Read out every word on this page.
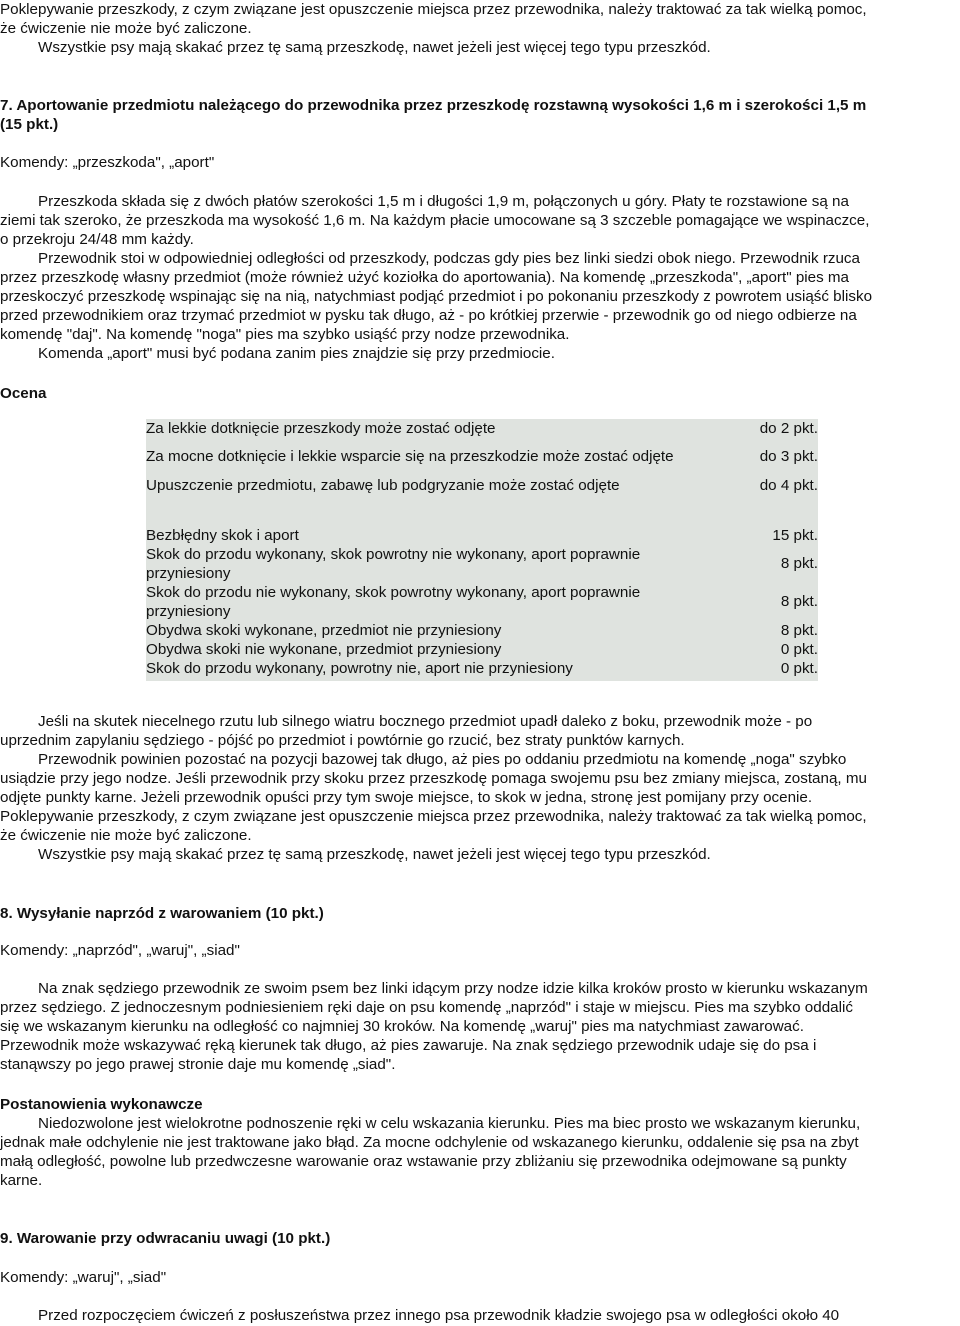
Poklepywanie przeszkody, z czym związane jest opuszczenie miejsca przez przewodnika, należy traktować za tak wielką pomoc,

że ćwiczenie nie może być zaliczone.

Wszystkie psy mają skakać przez tę samą przeszkodę, nawet jeżeli jest więcej tego typu przeszkód.

7. Aportowanie przedmiotu należącego do przewodnika przez przeszkodę rozstawną wysokości 1,6 m i szerokości 1,5 m

(15 pkt.)

Komendy: „przeszkoda", „aport"

Przeszkoda składa się z dwóch płatów szerokości 1,5 m i długości 1,9 m, połączonych u góry. Płaty te rozstawione są na

ziemi tak szeroko, że przeszkoda ma wysokość 1,6 m. Na każdym płacie umocowane są 3 szczeble pomagające we wspinaczce,

o przekroju 24/48 mm każdy.

Przewodnik stoi w odpowiedniej odległości od przeszkody, podczas gdy pies bez linki siedzi obok niego. Przewodnik rzuca

przez przeszkodę własny przedmiot (może również użyć koziołka do aportowania). Na komendę „przeszkoda", „aport" pies ma

przeskoczyć przeszkodę wspinając się na nią, natychmiast podjąć przedmiot i po pokonaniu przeszkody z powrotem usiąść blisko

przed przewodnikiem oraz trzymać przedmiot w pysku tak długo, aż - po krótkiej przerwie - przewodnik go od niego odbierze na

komendę "daj". Na komendę "noga" pies ma szybko usiąść przy nodze przewodnika.

Komenda „aport" musi być podana zanim pies znajdzie się przy przedmiocie.

Ocena

Za lekkie dotknięcie przeszkody może zostać odjęte	do 2 pkt.
Za mocne dotknięcie i lekkie wsparcie się na przeszkodzie może zostać odjęte	do 3 pkt.
Upuszczenie przedmiotu, zabawę lub podgryzanie może zostać odjęte	do 4 pkt.
Bezbłędny skok i aport	15 pkt.
Skok do przodu wykonany, skok powrotny nie wykonany, aport poprawnie przyniesiony
8 pkt.
Skok do przodu nie wykonany, skok powrotny wykonany, aport poprawnie przyniesiony
8 pkt.
Obydwa skoki wykonane, przedmiot nie przyniesiony	8 pkt.
Obydwa skoki nie wykonane, przedmiot przyniesiony	0 pkt.
Skok do przodu wykonany, powrotny nie, aport nie przyniesiony	0 pkt.

Jeśli na skutek niecelnego rzutu lub silnego wiatru bocznego przedmiot upadł daleko z boku, przewodnik może - po

uprzednim zapylaniu sędziego - pójść po przedmiot i powtórnie go rzucić, bez straty punktów karnych.

Przewodnik powinien pozostać na pozycji bazowej tak długo, aż pies po oddaniu przedmiotu na komendę „noga" szybko

usiądzie przy jego nodze. Jeśli przewodnik przy skoku przez przeszkodę pomaga swojemu psu bez zmiany miejsca, zostaną, mu

odjęte punkty karne. Jeżeli przewodnik opuści przy tym swoje miejsce, to skok w jedna, stronę jest pomijany przy ocenie.

Poklepywanie przeszkody, z czym związane jest opuszczenie miejsca przez przewodnika, należy traktować za tak wielką pomoc,

że ćwiczenie nie może być zaliczone.

Wszystkie psy mają skakać przez tę samą przeszkodę, nawet jeżeli jest więcej tego typu przeszkód.

8. Wysyłanie naprzód z warowaniem (10 pkt.)

Komendy: „naprzód", „waruj", „siad"

Na znak sędziego przewodnik ze swoim psem bez linki idącym przy nodze idzie kilka kroków prosto w kierunku wskazanym

przez sędziego. Z jednoczesnym podniesieniem ręki daje on psu komendę „naprzód" i staje w miejscu. Pies ma szybko oddalić

się we wskazanym kierunku na odległość co najmniej 30 kroków. Na komendę „waruj" pies ma natychmiast zawarować.

Przewodnik może wskazywać ręką kierunek tak długo, aż pies zawaruje. Na znak sędziego przewodnik udaje się do psa i

stanąwszy po jego prawej stronie daje mu komendę „siad".

Postanowienia wykonawcze

Niedozwolone jest wielokrotne podnoszenie ręki w celu wskazania kierunku. Pies ma biec prosto we wskazanym kierunku,

jednak małe odchylenie nie jest traktowane jako błąd. Za mocne odchylenie od wskazanego kierunku, oddalenie się psa na zbyt

małą odległość, powolne lub przedwczesne warowanie oraz wstawanie przy zbliżaniu się przewodnika odejmowane są punkty

karne.

9. Warowanie przy odwracaniu uwagi (10 pkt.)

Komendy: „waruj", „siad"

Przed rozpoczęciem ćwiczeń z posłuszeństwa przez innego psa przewodnik kładzie swojego psa w odległości około 40
